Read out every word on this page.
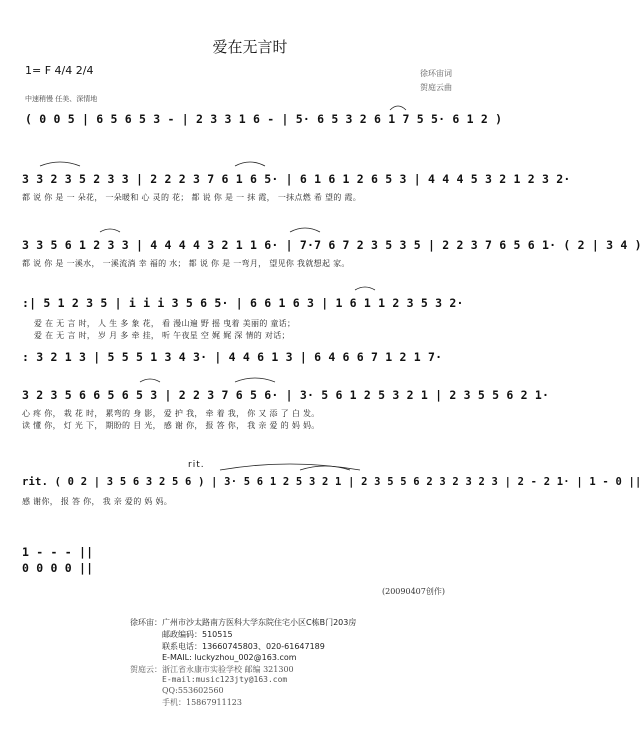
爱在无言时
1= F 4/4 2/4	徐环宙词
贺庭云曲
中速稍慢 任美、深情地
( 0 0 5 | 6 5 6 5 3 - | 2 3 3 1 6 - | 5· 6 5 3 2 6 1 7 5 5· 6 1 2 )
3 3 2 3 5 2 3 3 | 2 2 2 3 7 6 1 6 5· | 6 1 6 1 2 6 5 3 | 4 4 4 5 3 2 1 2 3 2·
都 说 你 是 一 朵花， 一朵暖和 心 灵的 花； 都 说 你 是 一 抹 霞， 一抹点燃 希 望的 霞。
3 3 5 6 1 2 3 3 | 4 4 4 4 3 2 1 1 6· | 7·7 6 7 2 3 5 3 5 | 2 2 3 7 6 5 6 1· ( 2 | 3 4 )
都 说 你 是 一溪水， 一溪流淌 幸 福的 水； 都 说 你 是 一弯月， 望见你 我就想起 家。
:| 5 1 2 3 5 | i i i 3 5 6 5· | 6 6 1 6 3 | 1 6 1 1 2 3 5 3 2·
爱 在 无 言 时， 人 生 多 象 花， 看 漫山遍 野 摇 曳着 美丽的 童话；
爱 在 无 言 时， 岁 月 多 牵 挂， 听 午夜星 空 娓 娓 深 情的 对话；
: 3 2 1 3 | 5 5 5 1 3 4 3· | 4 4 6 1 3 | 6 4 6 6 7 1 2 1 7·
3 2 3 5 6 6 5 6 5 3 | 2 2 3 7 6 5 6· | 3· 5 6 1 2 5 3 2 1 | 2 3 5 5 6 2 1·
心 疼 你， 栽 花 时， 累弯的 身 影， 爱 护 我， 牵 着 我， 你 又 添 了 白 发。
读 懂 你， 灯 光 下， 期盼的 目 光， 感 谢 你， 报 答 你， 我 亲 爱 的 妈 妈。
rit.
rit. ( 0 2 | 3 5 6 3 2 5 6 ) | 3· 5 6 1 2 5 3 2 1 | 2 3 5 5 6 2 3 2 3 2 3 | 2 - 2 1· | 1 - 0 ||
感 谢你， 报 答 你， 我 亲 爱的 妈 妈。
1 - - - ||
0 0 0 0 ||
(20090407创作)
徐环宙：广州市沙太路南方医科大学东院住宅小区C栋B门203房
邮政编码：510515
联系电话：13660745803、020-61647189
E-MAIL: luckyzhou_002@163.com
贺庭云：浙江省永康市实验学校 邮编 321300
E-mail:music123jty@163.com
QQ:553602560
手机：15867911123
